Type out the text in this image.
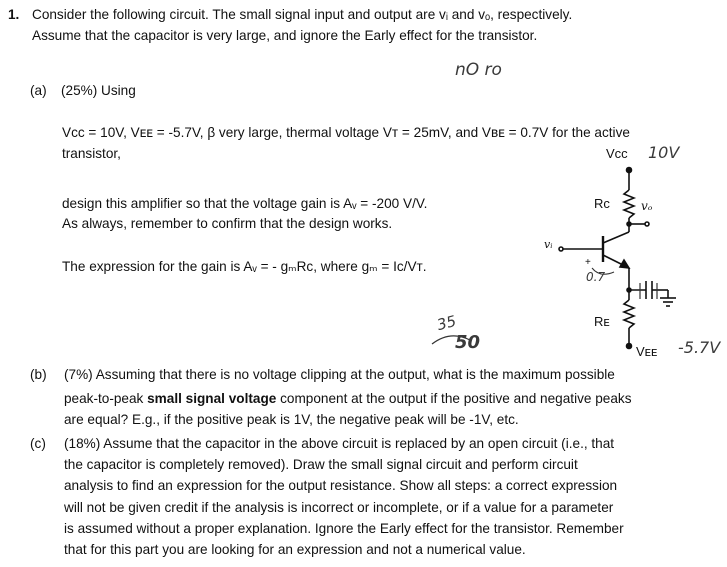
1. Consider the following circuit. The small signal input and output are vᵢ and vₒ, respectively.
Assume that the capacitor is very large, and ignore the Early effect for the transistor.
nO ro
(a) (25%) Using
Vcc = 10V, Vᴇᴇ = -5.7V, β very large, thermal voltage Vᴛ = 25mV, and Vʙᴇ = 0.7V for the active
transistor,
design this amplifier so that the voltage gain is Aᵥ = -200 V/V.
As always, remember to confirm that the design works.
The expression for the gain is Aᵥ = - gₘRc, where gₘ = Ic/Vᴛ.
Vcc 10V
Rc	vₒ
vᵢ
+
0.7
Rᴇ
Vᴇᴇ -5.7V
35
50
(b) (7%) Assuming that there is no voltage clipping at the output, what is the maximum possible
peak-to-peak small signal voltage component at the output if the positive and negative peaks
are equal? E.g., if the positive peak is 1V, the negative peak will be -1V, etc.
(c) (18%) Assume that the capacitor in the above circuit is replaced by an open circuit (i.e., that
the capacitor is completely removed). Draw the small signal circuit and perform circuit
analysis to find an expression for the output resistance. Show all steps: a correct expression
will not be given credit if the analysis is incorrect or incomplete, or if a value for a parameter
is assumed without a proper explanation. Ignore the Early effect for the transistor. Remember
that for this part you are looking for an expression and not a numerical value.
